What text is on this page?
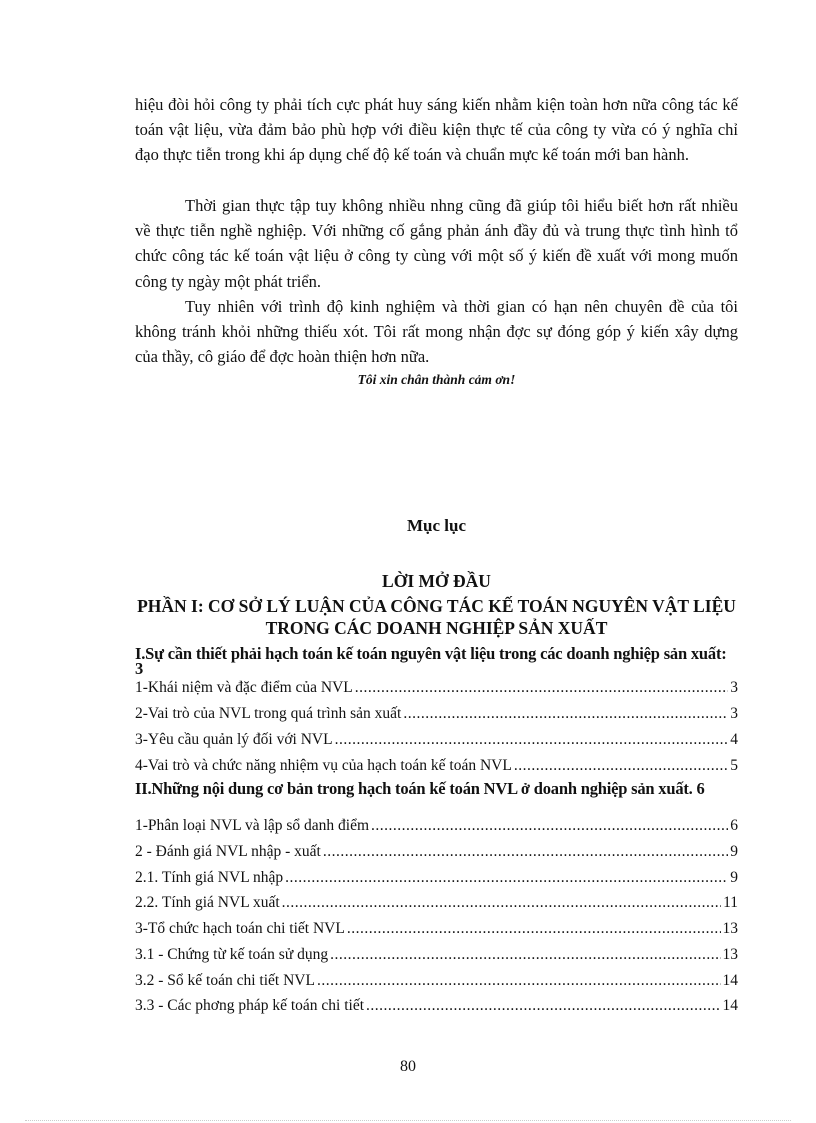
hiệu đòi hỏi công ty phải tích cực phát huy sáng kiến nhằm kiện toàn hơn nữa công tác kế toán vật liệu, vừa đảm bảo phù hợp với điều kiện thực tế của công ty vừa có ý nghĩa chỉ đạo thực tiễn trong khi áp dụng chế độ kế toán và chuẩn mực kế toán mới ban hành.

Thời gian thực tập tuy không nhiều nhng cũng đã giúp tôi hiểu biết hơn rất nhiều về thực tiễn nghề nghiệp. Với những cố gắng phản ánh đầy đủ và trung thực tình hình tổ chức công tác kế toán vật liệu ở công ty cùng với một số ý kiến đề xuất với mong muốn công ty ngày một phát triển.

Tuy nhiên với trình độ kinh nghiệm và thời gian có hạn nên chuyên đề của tôi không tránh khỏi những thiếu xót. Tôi rất mong nhận đợc sự đóng góp ý kiến xây dựng của thầy, cô giáo để đợc hoàn thiện hơn nữa.

Tôi xin chân thành cảm ơn!
Mục lục
LỜI MỞ ĐẦU
PHẦN I: CƠ SỞ LÝ LUẬN CỦA CÔNG TÁC KẾ TOÁN NGUYÊN VẬT LIỆU TRONG CÁC DOANH NGHIỆP SẢN XUẤT
I.Sự cần thiết phải hạch toán kế toán nguyên vật liệu trong các doanh nghiệp sản xuất: 3
1-Khái niệm và đặc điểm của NVL .....	3
2-Vai trò của NVL trong quá trình sản xuất .....	3
3-Yêu cầu quản lý đối với NVL .....	4
4-Vai trò và chức năng nhiệm vụ của hạch toán kế toán NVL .....	5
II.Những nội dung cơ bản trong hạch toán kế toán NVL ở doanh nghiệp sản xuất. 6
1-Phân loại NVL và lập sổ danh điểm .....	6
2 - Đánh giá NVL nhập - xuất .....	9
2.1. Tính giá NVL nhập .....	9
2.2. Tính giá NVL xuất .....	11
3-Tổ chức hạch toán chi tiết NVL .....	13
3.1 - Chứng từ kế toán sử dụng .....	13
3.2 - Sổ kế toán chi tiết NVL .....	14
3.3 - Các phơng pháp kế toán chi tiết .....	14
80
